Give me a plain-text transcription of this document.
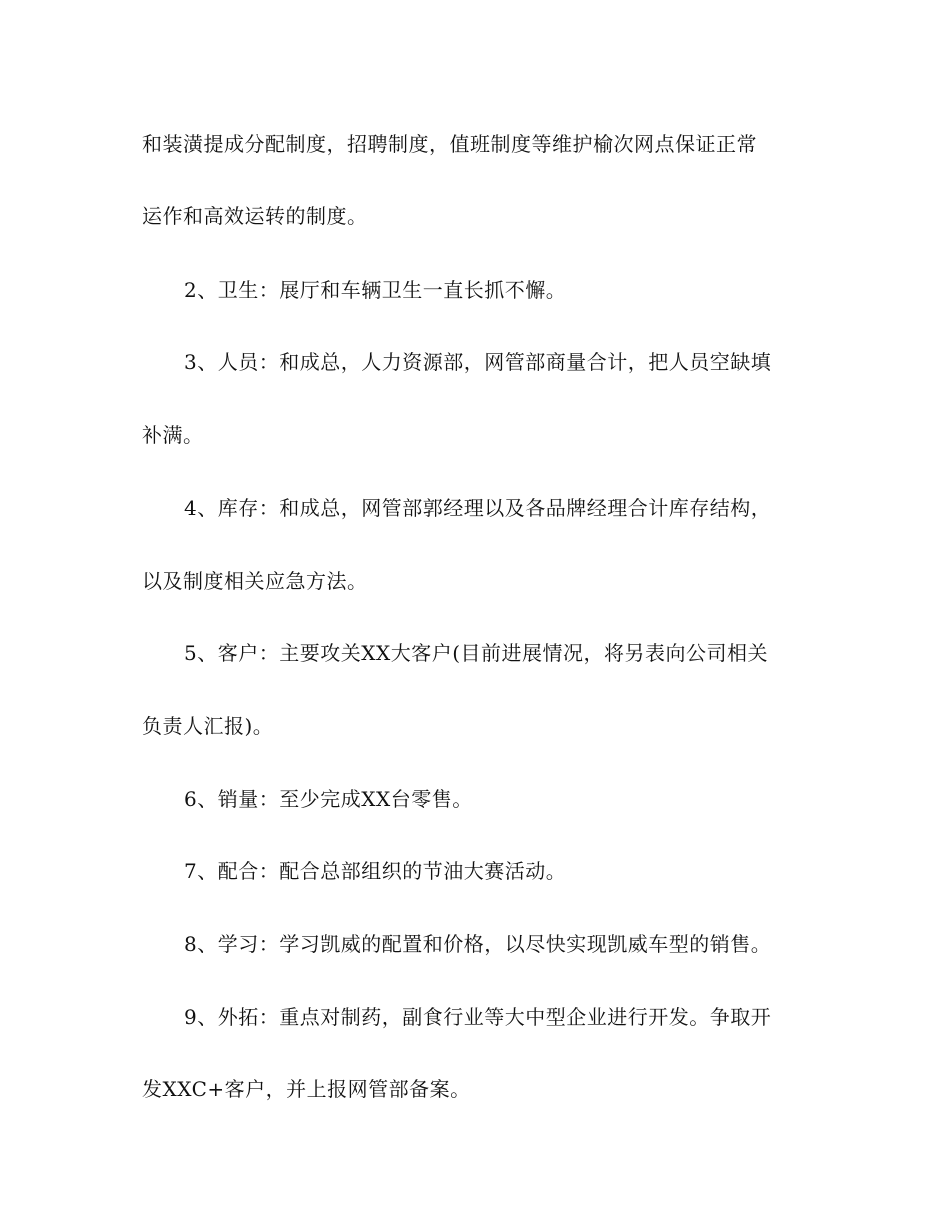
和装潢提成分配制度，招聘制度，值班制度等维护榆次网点保证正常

运作和高效运转的制度。

2、卫生：展厅和车辆卫生一直长抓不懈。

3、人员：和成总，人力资源部，网管部商量合计，把人员空缺填

补满。

4、库存：和成总，网管部郭经理以及各品牌经理合计库存结构，

以及制度相关应急方法。

5、客户：主要攻关XX大客户(目前进展情况，将另表向公司相关

负责人汇报)。

6、销量：至少完成XX台零售。

7、配合：配合总部组织的节油大赛活动。

8、学习：学习凯威的配置和价格，以尽快实现凯威车型的销售。

9、外拓：重点对制药，副食行业等大中型企业进行开发。争取开

发XXC+客户，并上报网管部备案。
